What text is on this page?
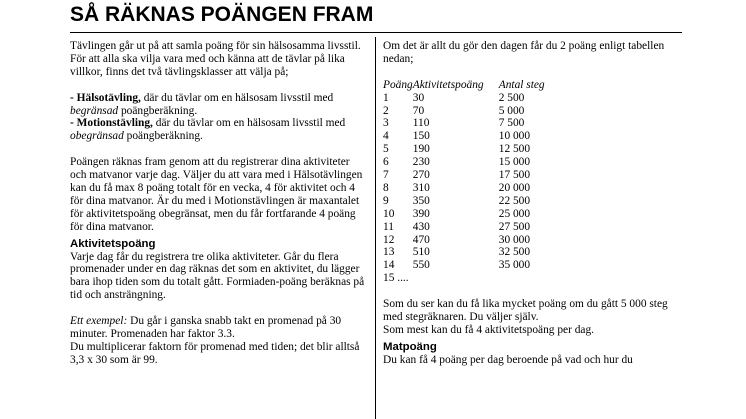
SÅ RÄKNAS POÄNGEN FRAM

Tävlingen går ut på att samla poäng för sin hälsosamma livsstil. För att alla ska vilja vara med och känna att de tävlar på lika villkor, finns det två tävlingsklasser att välja på;

- Hälsotävling, där du tävlar om en hälsosam livsstil med begränsad poängberäkning.

- Motionstävling, där du tävlar om en hälsosam livsstil med obegränsad poängberäkning.

Poängen räknas fram genom att du registrerar dina aktiviteter och matvanor varje dag. Väljer du att vara med i Hälsotävlingen kan du få max 8 poäng totalt för en vecka, 4 för aktivitet och 4 för dina matvanor. Är du med i Motionstävlingen är maxantalet för aktivitetspoäng obegränsat, men du får fortfarande 4 poäng för dina matvanor.

Aktivitetspoäng

Varje dag får du registrera tre olika aktiviteter. Går du flera promenader under en dag räknas det som en aktivitet, du lägger bara ihop tiden som du totalt gått. Formiaden-poäng beräknas på tid och ansträngning.

Ett exempel: Du går i ganska snabb takt en promenad på 30 minuter. Promenaden har faktor 3.3.

Du multiplicerar faktorn för promenad med tiden; det blir alltså 3,3 x 30 som är 99.

Om det är allt du gör den dagen får du 2 poäng enligt tabellen nedan;

Poäng	Aktivitetspoäng	Antal steg
1	30	2 500
2	70	5 000
3	110	7 500
4	150	10 000
5	190	12 500
6	230	15 000
7	270	17 500
8	310	20 000
9	350	22 500
10	390	25 000
11	430	27 500
12	470	30 000
13	510	32 500
14	550	35 000

15 ....

Som du ser kan du få lika mycket poäng om du gått 5 000 steg med stegräknaren. Du väljer själv.

Som mest kan du få 4 aktivitetspoäng per dag.

Matpoäng

Du kan få 4 poäng per dag beroende på vad och hur du
